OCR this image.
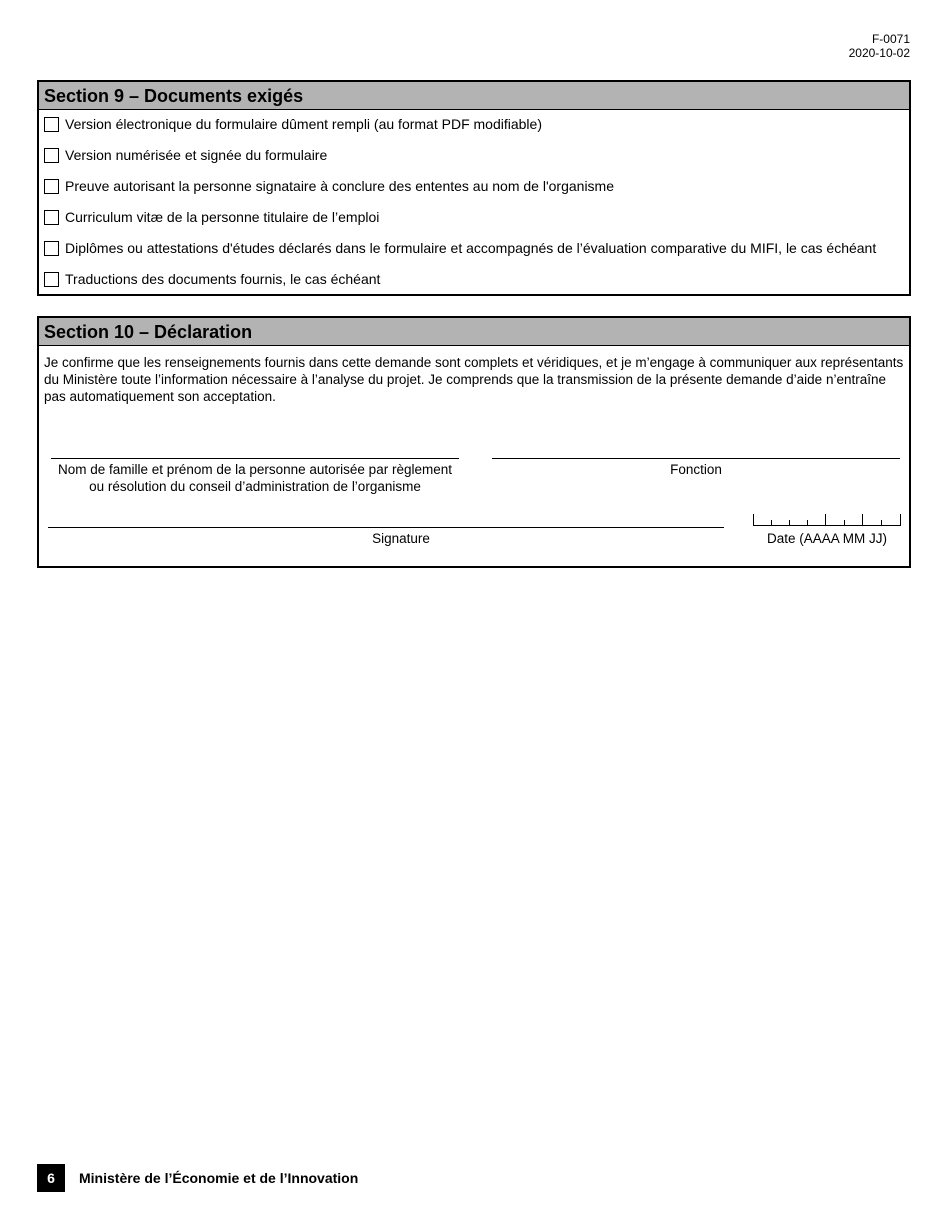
F-0071
2020-10-02
Section 9 – Documents exigés
Version électronique du formulaire dûment rempli (au format PDF modifiable)
Version numérisée et signée du formulaire
Preuve autorisant la personne signataire à conclure des ententes au nom de l'organisme
Curriculum vitæ de la personne titulaire de l’emploi
Diplômes ou attestations d'études déclarés dans le formulaire et accompagnés de l’évaluation comparative du MIFI, le cas échéant
Traductions des documents fournis, le cas échéant
Section 10 – Déclaration
Je confirme que les renseignements fournis dans cette demande sont complets et véridiques, et je m’engage à communiquer aux représentants du Ministère toute l’information nécessaire à l’analyse du projet. Je comprends que la transmission de la présente demande d’aide n’entraîne pas automatiquement son acceptation.
Nom de famille et prénom de la personne autorisée par règlement
ou résolution du conseil d’administration de l’organisme
Fonction
Signature	Date (AAAA MM JJ)
6	Ministère de l’Économie et de l’Innovation
